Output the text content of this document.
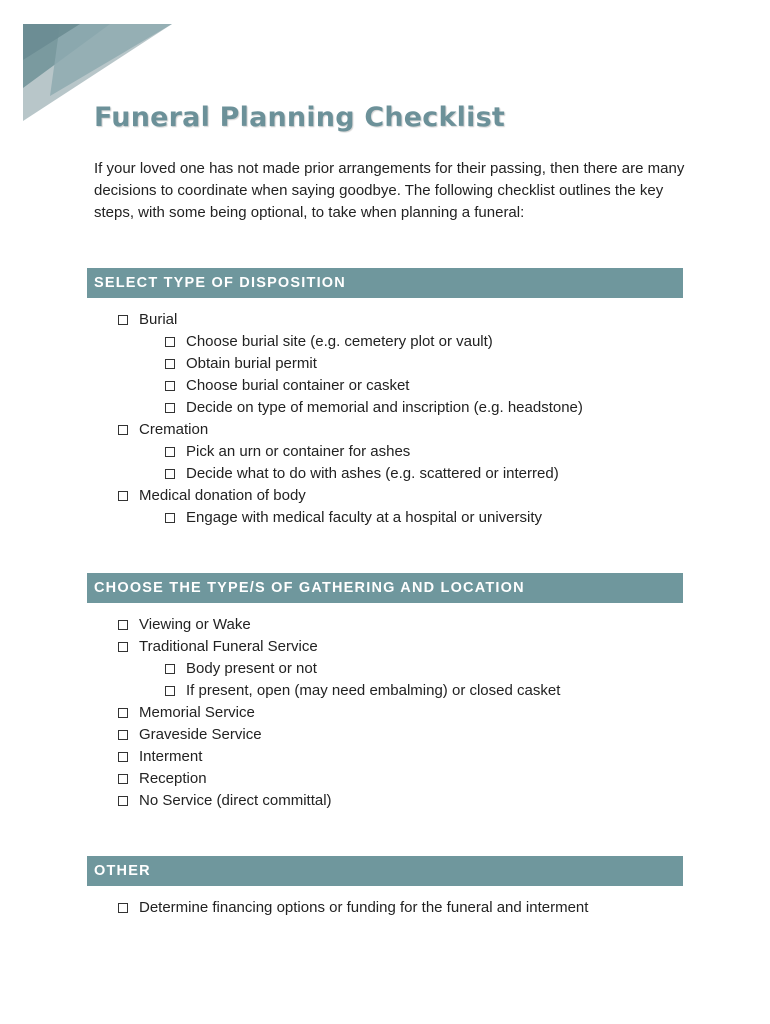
Funeral Planning Checklist

If your loved one has not made prior arrangements for their passing, then there are many decisions to coordinate when saying goodbye. The following checklist outlines the key steps, with some being optional, to take when planning a funeral:

SELECT TYPE OF DISPOSITION
Burial
Choose burial site (e.g. cemetery plot or vault)
Obtain burial permit
Choose burial container or casket
Decide on type of memorial and inscription (e.g. headstone)
Cremation
Pick an urn or container for ashes
Decide what to do with ashes (e.g. scattered or interred)
Medical donation of body
Engage with medical faculty at a hospital or university
CHOOSE THE TYPE/S OF GATHERING AND LOCATION
Viewing or Wake
Traditional Funeral Service
Body present or not
If present, open (may need embalming) or closed casket
Memorial Service
Graveside Service
Interment
Reception
No Service (direct committal)
OTHER
Determine financing options or funding for the funeral and interment
